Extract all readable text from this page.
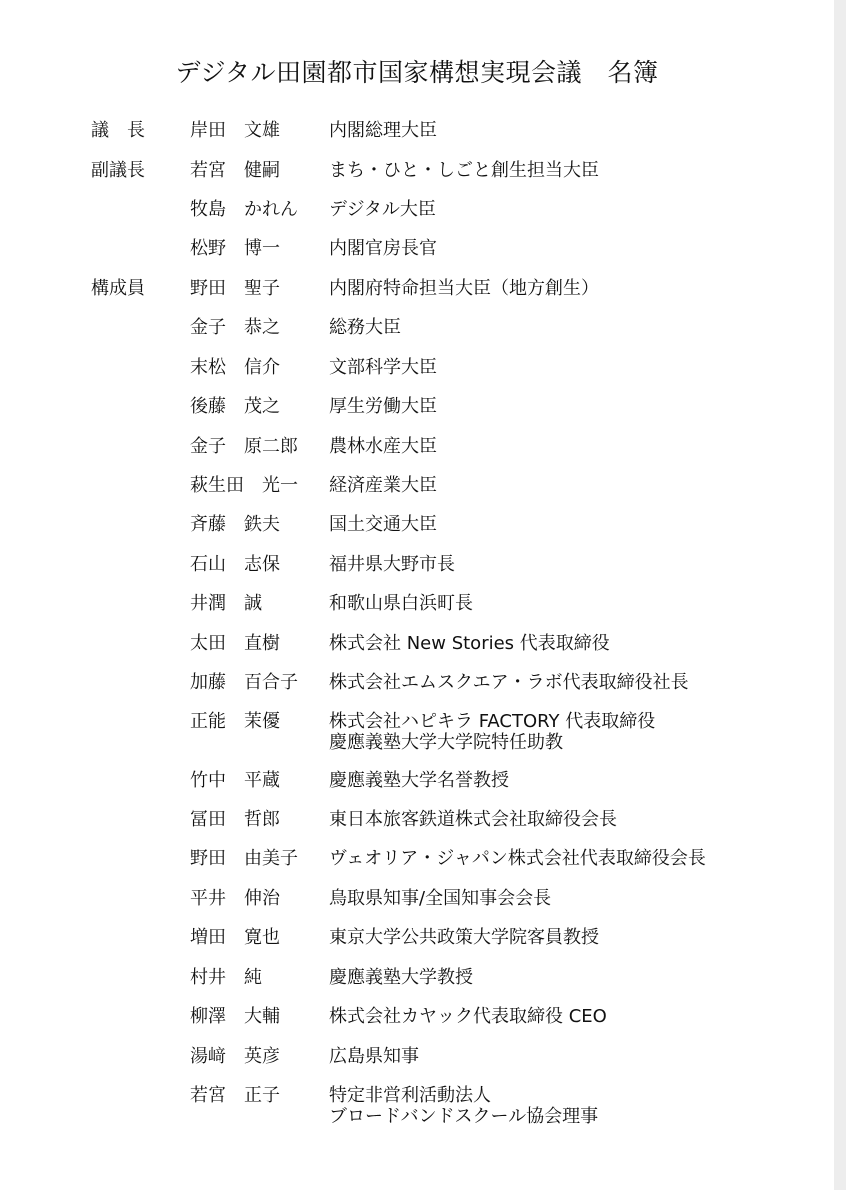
デジタル田園都市国家構想実現会議　名簿
議　長	岸田　文雄	内閣総理大臣
副議長	若宮　健嗣	まち・ひと・しごと創生担当大臣
牧島　かれん デジタル大臣
松野　博一	内閣官房長官
構成員	野田　聖子	内閣府特命担当大臣（地方創生）
金子　恭之	総務大臣
末松　信介	文部科学大臣
後藤　茂之	厚生労働大臣
金子　原二郎 農林水産大臣
萩生田　光一 経済産業大臣
斉藤　鉄夫	国土交通大臣
石山　志保	福井県大野市長
井潤　誠	和歌山県白浜町長
太田　直樹	株式会社 New Stories 代表取締役
加藤　百合子 株式会社エムスクエア・ラボ代表取締役社長
正能　茉優	株式会社ハピキラ FACTORY 代表取締役
慶應義塾大学大学院特任助教
竹中　平蔵	慶應義塾大学名誉教授
冨田　哲郎	東日本旅客鉄道株式会社取締役会長
野田　由美子 ヴェオリア・ジャパン株式会社代表取締役会長
平井　伸治	鳥取県知事/全国知事会会長
増田　寛也	東京大学公共政策大学院客員教授
村井　純	慶應義塾大学教授
柳澤　大輔	株式会社カヤック代表取締役 CEO
湯﨑　英彦	広島県知事
若宮　正子	特定非営利活動法人
ブロードバンドスクール協会理事
